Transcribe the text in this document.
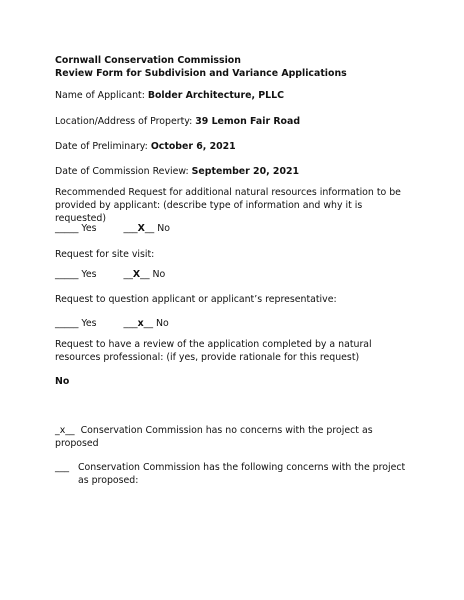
Cornwall Conservation Commission
Review Form for Subdivision and Variance Applications
Name of Applicant: Bolder Architecture, PLLC
Location/Address of Property: 39 Lemon Fair Road
Date of Preliminary: October 6, 2021
Date of Commission Review: September 20, 2021
Recommended Request for additional natural resources information to be provided by applicant: (describe type of information and why it is requested)
_____ Yes	___X__ No
Request for site visit:
_____ Yes	__X__ No
Request to question applicant or applicant’s representative:
_____ Yes	___x__ No
Request to have a review of the application completed by a natural resources professional: (if yes, provide rationale for this request)
No
_x__ Conservation Commission has no concerns with the project as
proposed
___ Conservation Commission has the following concerns with the project
as proposed:
